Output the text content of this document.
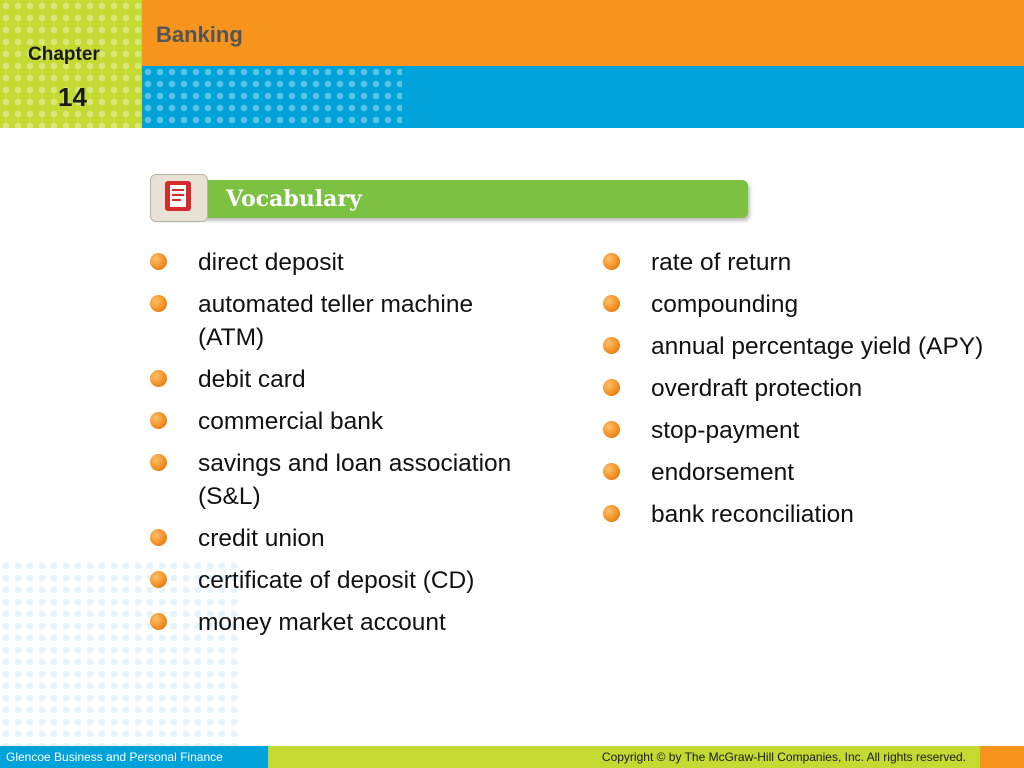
Chapter
14
Banking
Vocabulary
direct deposit
automated teller machine (ATM)
debit card
commercial bank
savings and loan association (S&L)
credit union
certificate of deposit (CD)
money market account
rate of return
compounding
annual percentage yield (APY)
overdraft protection
stop-payment
endorsement
bank reconciliation
Glencoe Business and Personal Finance	Copyright © by The McGraw-Hill Companies, Inc. All rights reserved.
